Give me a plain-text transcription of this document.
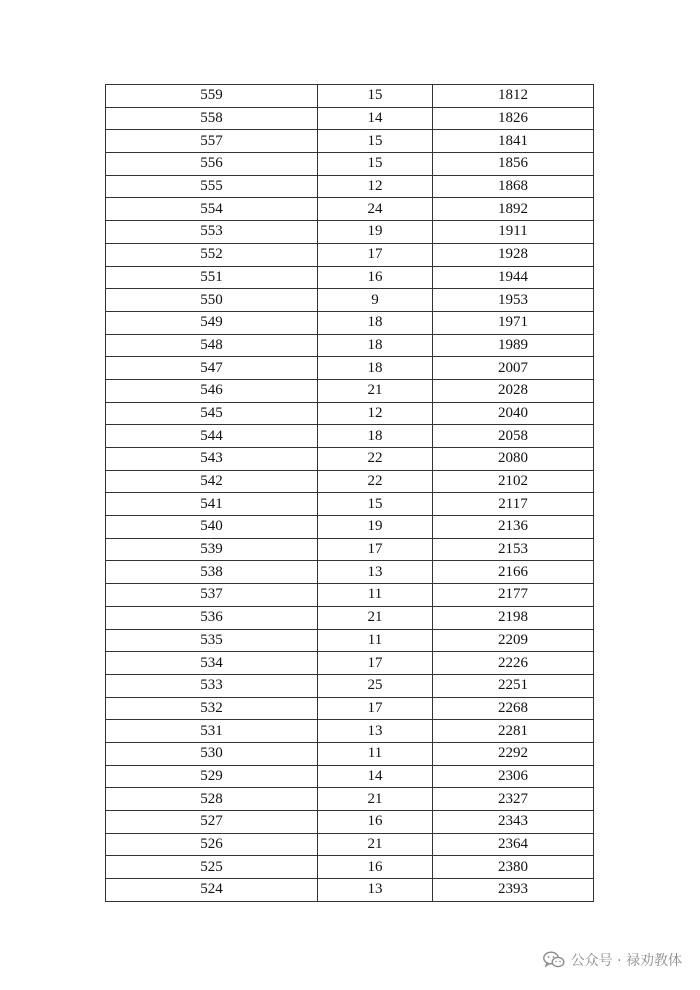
559	15	1812
558	14	1826
557	15	1841
556	15	1856
555	12	1868
554	24	1892
553	19	1911
552	17	1928
551	16	1944
550	9	1953
549	18	1971
548	18	1989
547	18	2007
546	21	2028
545	12	2040
544	18	2058
543	22	2080
542	22	2102
541	15	2117
540	19	2136
539	17	2153
538	13	2166
537	11	2177
536	21	2198
535	11	2209
534	17	2226
533	25	2251
532	17	2268
531	13	2281
530	11	2292
529	14	2306
528	21	2327
527	16	2343
526	21	2364
525	16	2380
524	13	2393
公众号 · 禄劝教体
